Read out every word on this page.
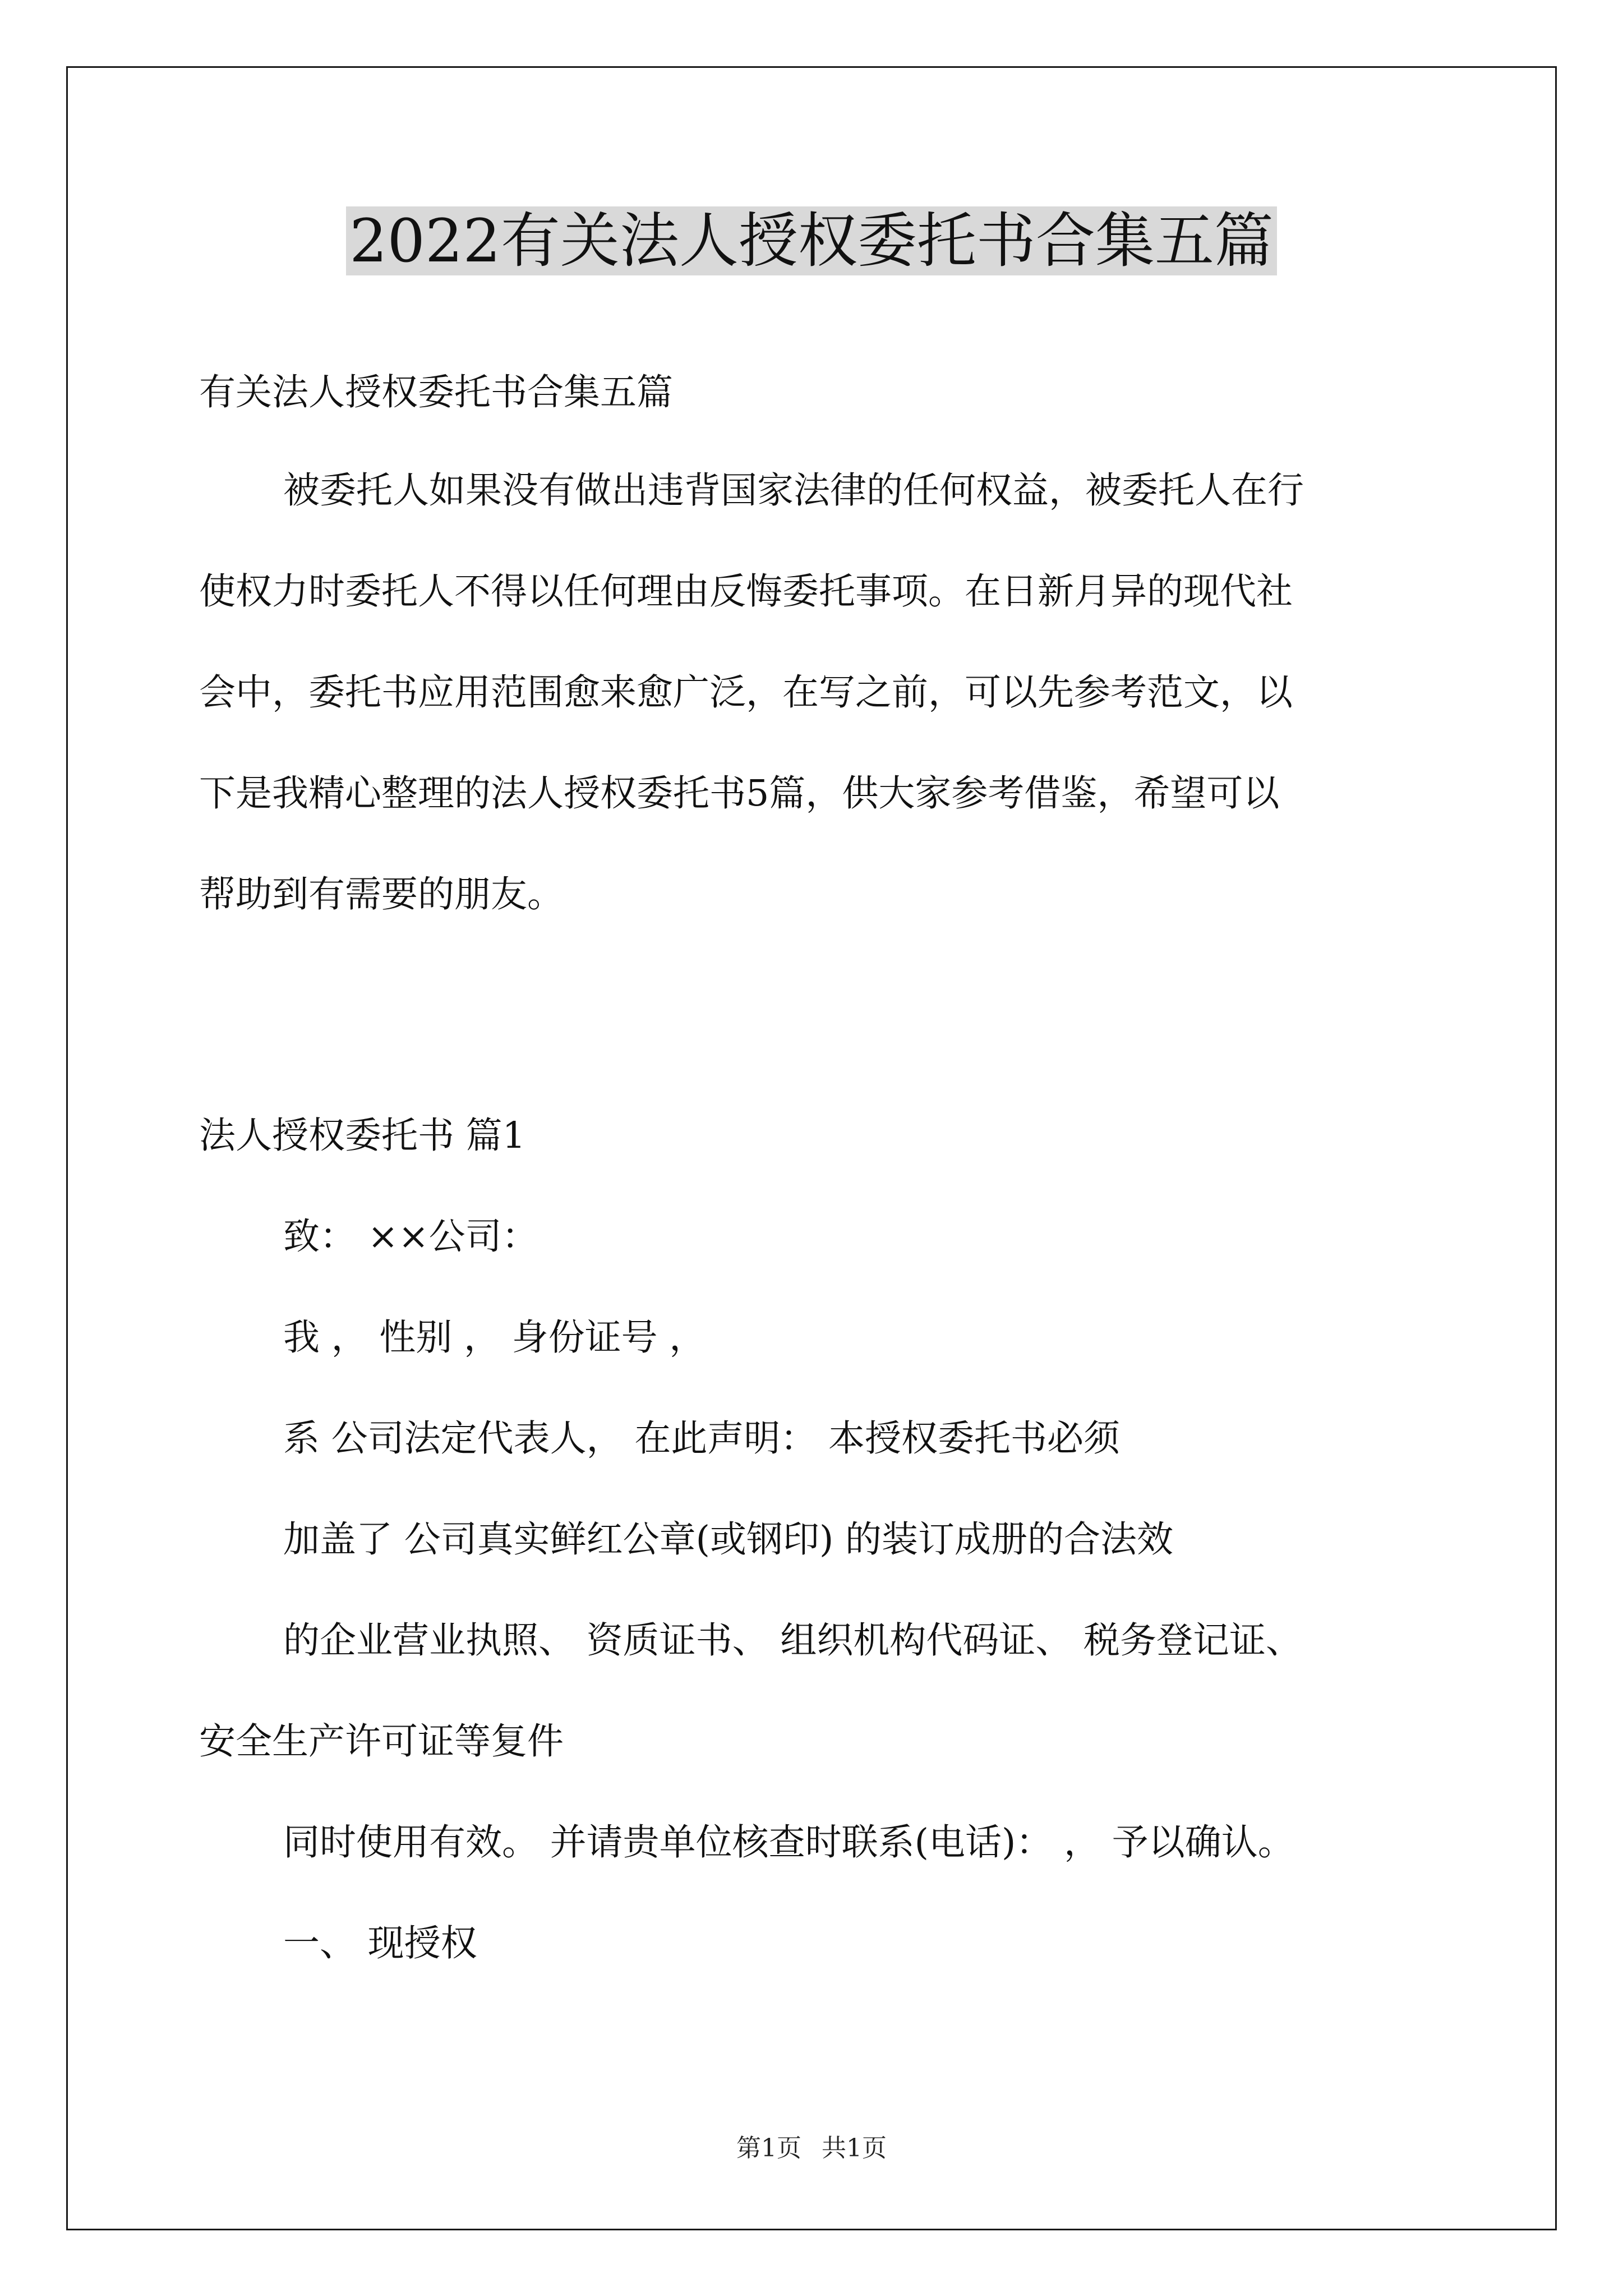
2022有关法人授权委托书合集五篇

有关法人授权委托书合集五篇

被委托人如果没有做出违背国家法律的任何权益，被委托人在行

使权力时委托人不得以任何理由反悔委托事项。在日新月异的现代社

会中，委托书应用范围愈来愈广泛，在写之前，可以先参考范文，以

下是我精心整理的法人授权委托书5篇，供大家参考借鉴，希望可以

帮助到有需要的朋友。

法人授权委托书 篇1

致： ××公司：

我 ， 性别 ， 身份证号 ，

系 公司法定代表人， 在此声明： 本授权委托书必须

加盖了 公司真实鲜红公章(或钢印) 的装订成册的合法效

的企业营业执照、 资质证书、 组织机构代码证、 税务登记证、

安全生产许可证等复件

同时使用有效。 并请贵单位核查时联系(电话)： ， 予以确认。

一、 现授权

第1页 共1页
